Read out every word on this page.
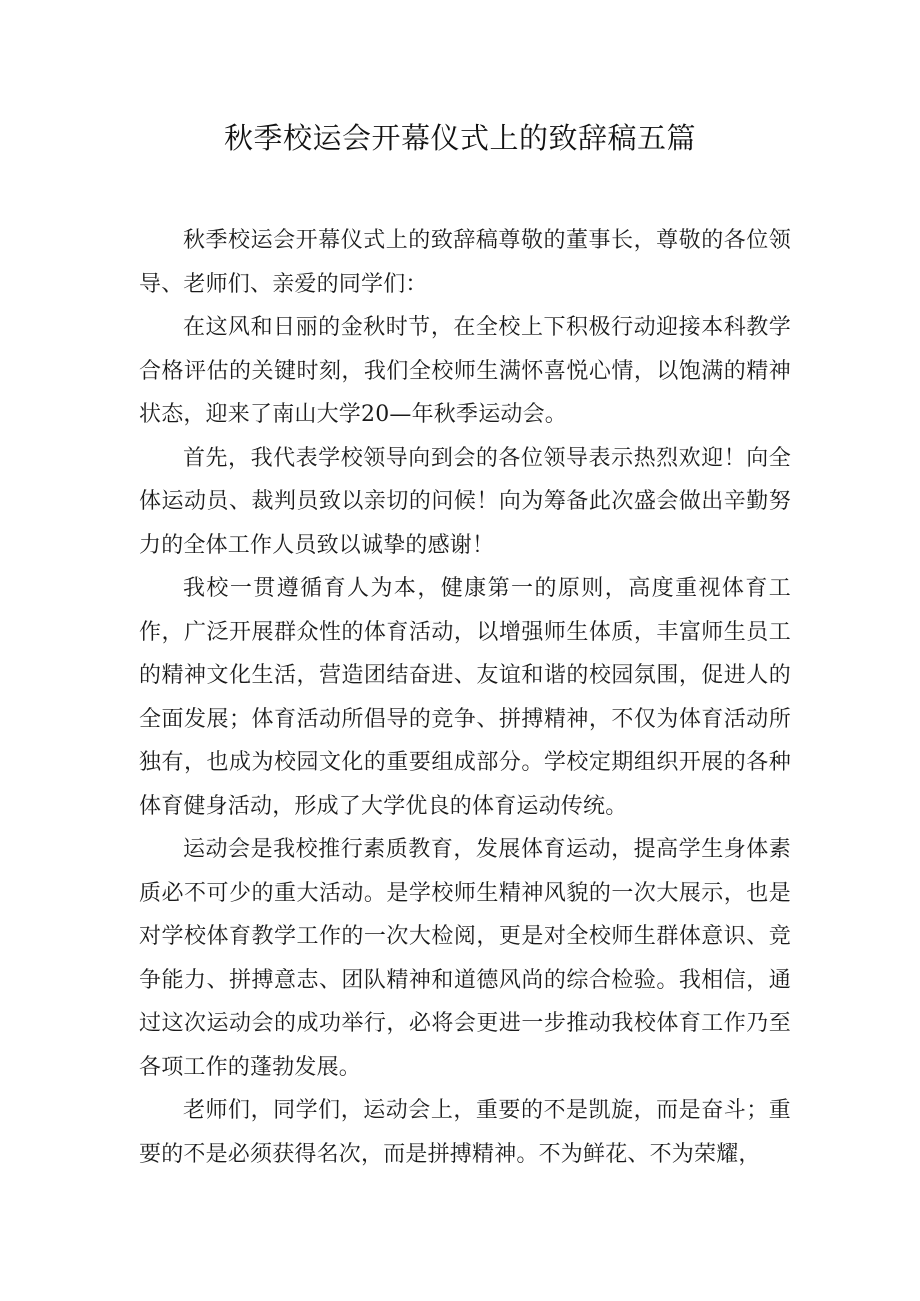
秋季校运会开幕仪式上的致辞稿五篇

秋季校运会开幕仪式上的致辞稿尊敬的董事长，尊敬的各位领导、老师们、亲爱的同学们：

在这风和日丽的金秋时节，在全校上下积极行动迎接本科教学合格评估的关键时刻，我们全校师生满怀喜悦心情，以饱满的精神状态，迎来了南山大学20—年秋季运动会。

首先，我代表学校领导向到会的各位领导表示热烈欢迎！向全体运动员、裁判员致以亲切的问候！向为筹备此次盛会做出辛勤努力的全体工作人员致以诚挚的感谢！

我校一贯遵循育人为本，健康第一的原则，高度重视体育工作，广泛开展群众性的体育活动，以增强师生体质，丰富师生员工的精神文化生活，营造团结奋进、友谊和谐的校园氛围，促进人的全面发展；体育活动所倡导的竞争、拼搏精神，不仅为体育活动所独有，也成为校园文化的重要组成部分。学校定期组织开展的各种体育健身活动，形成了大学优良的体育运动传统。

运动会是我校推行素质教育，发展体育运动，提高学生身体素质必不可少的重大活动。是学校师生精神风貌的一次大展示，也是对学校体育教学工作的一次大检阅，更是对全校师生群体意识、竞争能力、拼搏意志、团队精神和道德风尚的综合检验。我相信，通过这次运动会的成功举行，必将会更进一步推动我校体育工作乃至各项工作的蓬勃发展。

老师们，同学们，运动会上，重要的不是凯旋，而是奋斗；重要的不是必须获得名次，而是拼搏精神。不为鲜花、不为荣耀，
